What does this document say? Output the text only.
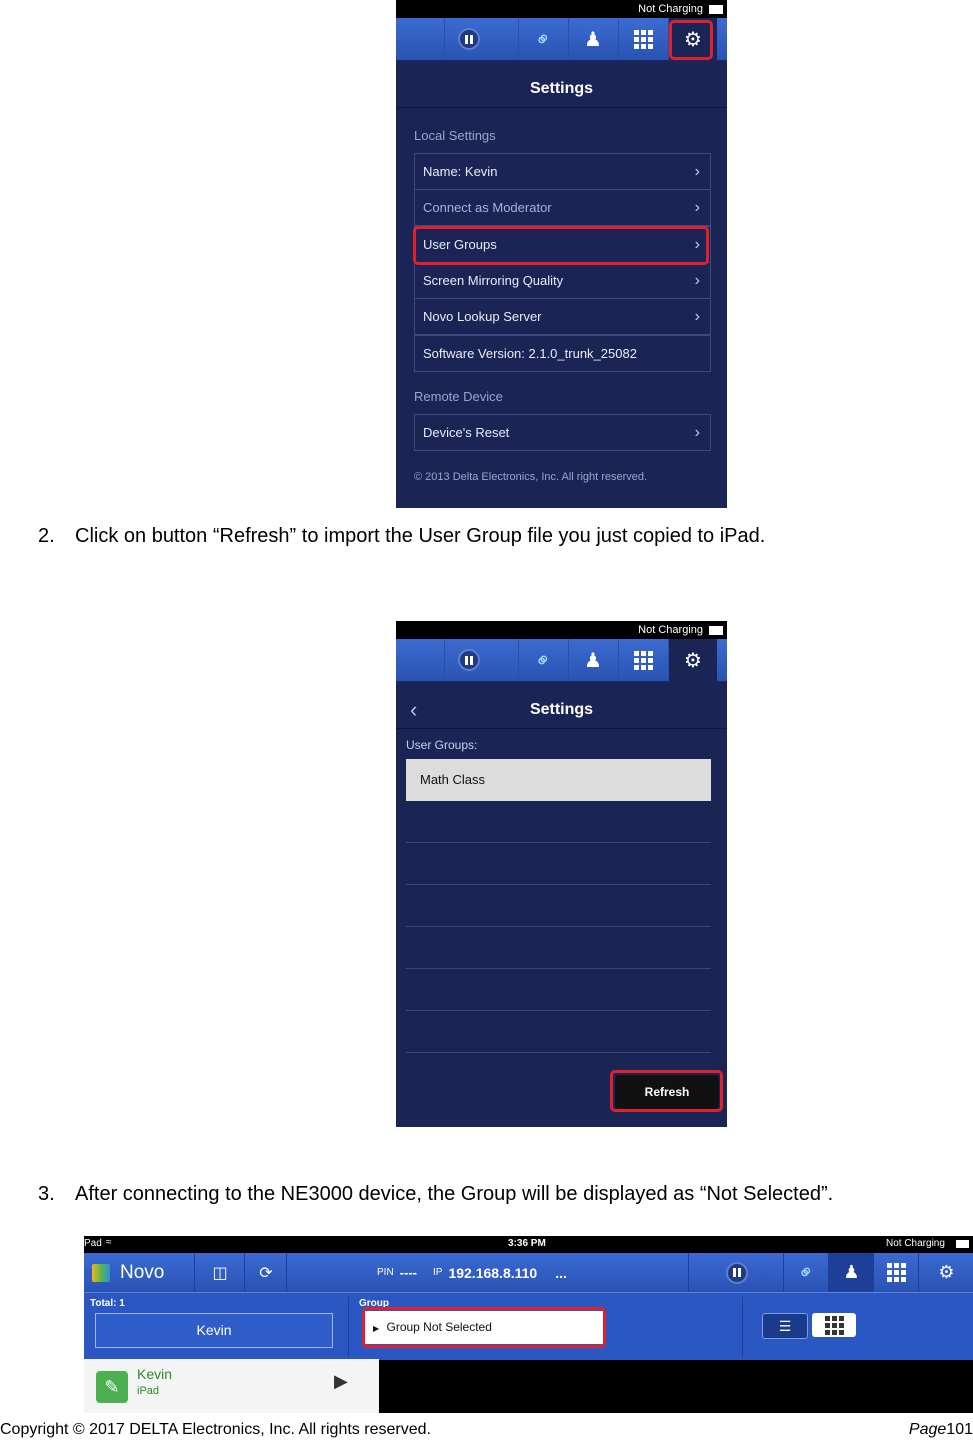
Not Charging
⚭ ♟	⚙
Settings
Local Settings
Name: Kevin	›
Connect as Moderator	›
User Groups	›
Screen Mirroring Quality	›
Novo Lookup Server	›
Software Version: 2.1.0_trunk_25082
Remote Device
Device's Reset	›
© 2013 Delta Electronics, Inc. All right reserved.
2. Click on button “Refresh” to import the User Group file you just copied to iPad.
Not Charging
⚭ ♟	⚙
‹	Settings
User Groups:
Math Class
Refresh
3. After connecting to the NE3000 device, the Group will be displayed as “Not Selected”.
Pad ≈	3:36 PM	Not Charging
Novo	◫ ⟳	PIN ---- IP 192.168.8.110 ...	⚭ ♟	⚙
Total: 1
Kevin
Group
▶ Group Not Selected	☰
✎
Kevin
iPad	▶
Copyright © 2017 DELTA Electronics, Inc. All rights reserved.	Page101
